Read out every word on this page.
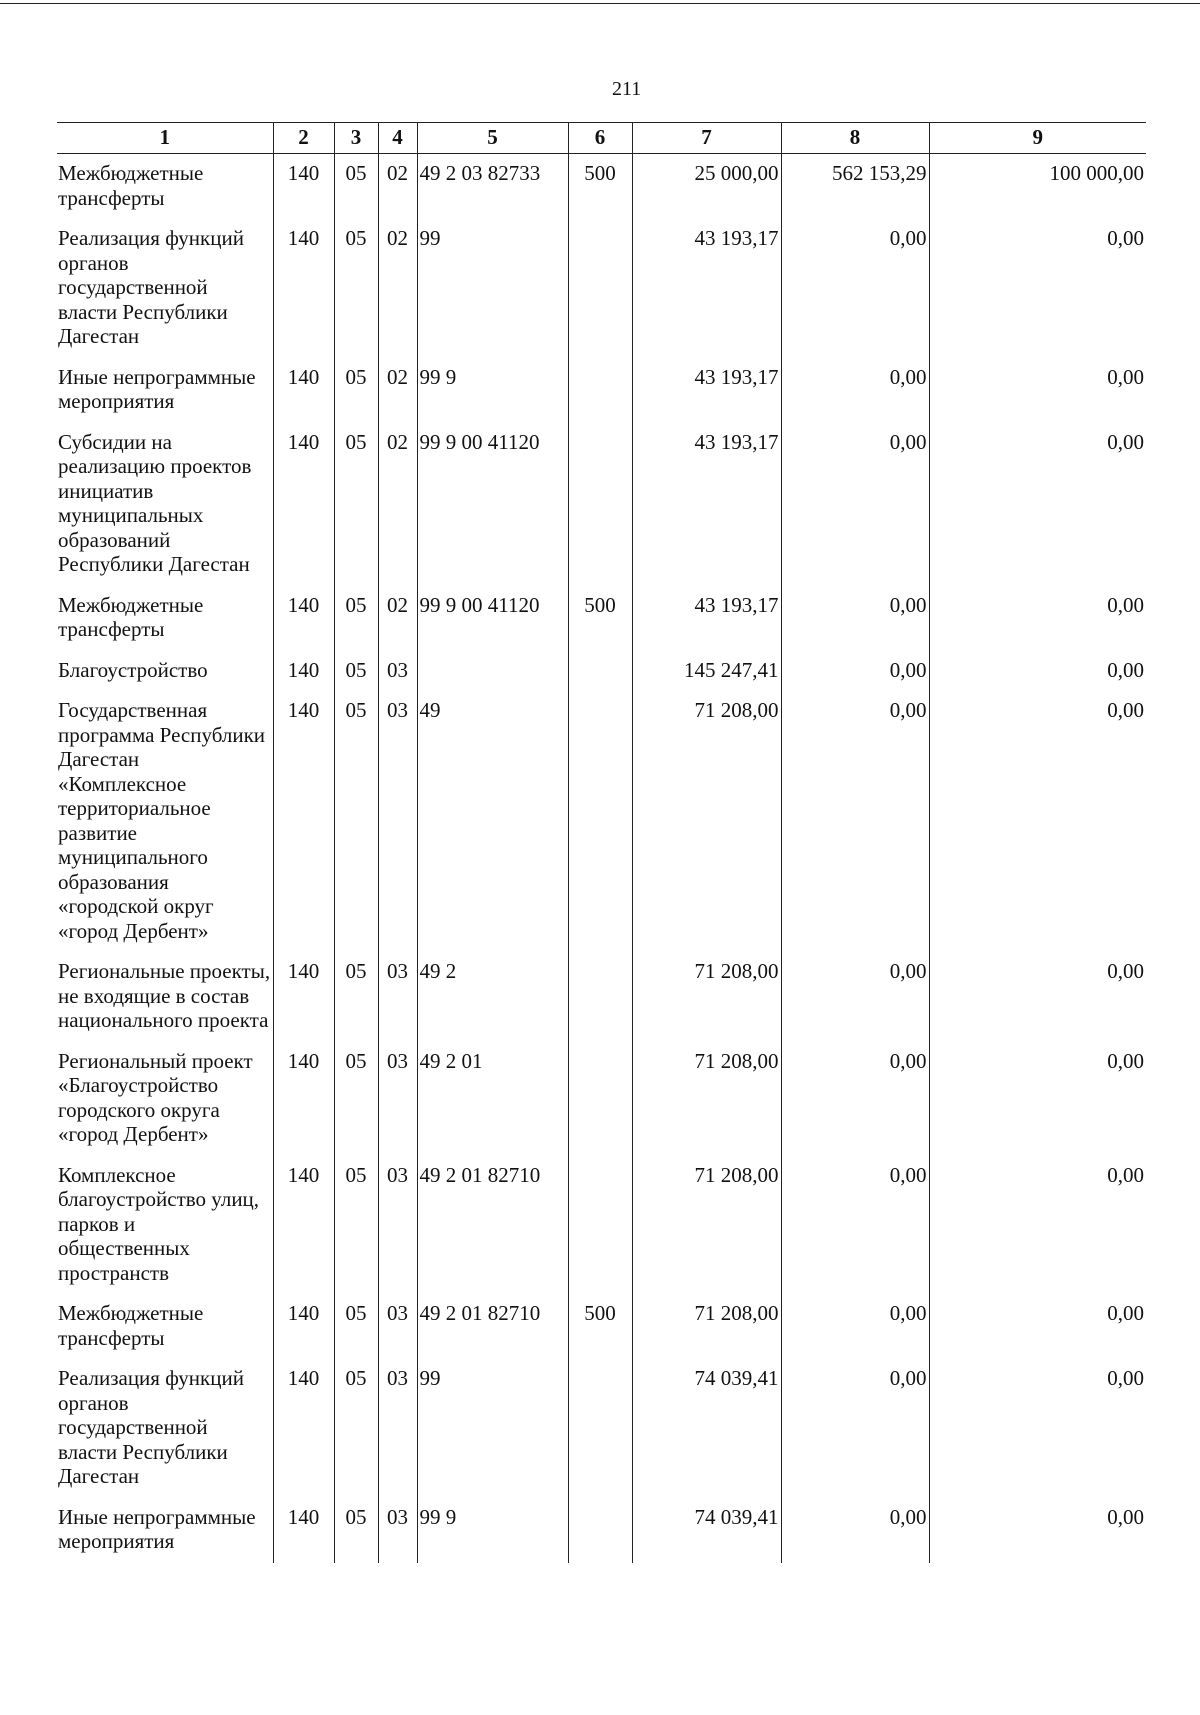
211
1	2	3	4	5	6	7	8	9
Межбюджетные трансферты	140	05	02	49 2 03 82733	500	25 000,00	562 153,29	100 000,00
Реализация функций органов государственной власти Республики Дагестан	140	05	02	99		43 193,17	0,00	0,00
Иные непрограммные мероприятия	140	05	02	99 9		43 193,17	0,00	0,00
Субсидии на реализацию проектов инициатив муниципальных образований Республики Дагестан	140	05	02	99 9 00 41120		43 193,17	0,00	0,00
Межбюджетные трансферты	140	05	02	99 9 00 41120	500	43 193,17	0,00	0,00
Благоустройство	140	05	03			145 247,41	0,00	0,00
Государственная программа Республики Дагестан «Комплексное территориальное развитие муниципального образования «городской округ «город Дербент»	140	05	03	49		71 208,00	0,00	0,00
Региональные проекты, не входящие в состав национального проекта	140	05	03	49 2		71 208,00	0,00	0,00
Региональный проект «Благоустройство городского округа «город Дербент»	140	05	03	49 2 01		71 208,00	0,00	0,00
Комплексное благоустройство улиц, парков и общественных пространств	140	05	03	49 2 01 82710		71 208,00	0,00	0,00
Межбюджетные трансферты	140	05	03	49 2 01 82710	500	71 208,00	0,00	0,00
Реализация функций органов государственной власти Республики Дагестан	140	05	03	99		74 039,41	0,00	0,00
Иные непрограммные мероприятия	140	05	03	99 9		74 039,41	0,00	0,00
